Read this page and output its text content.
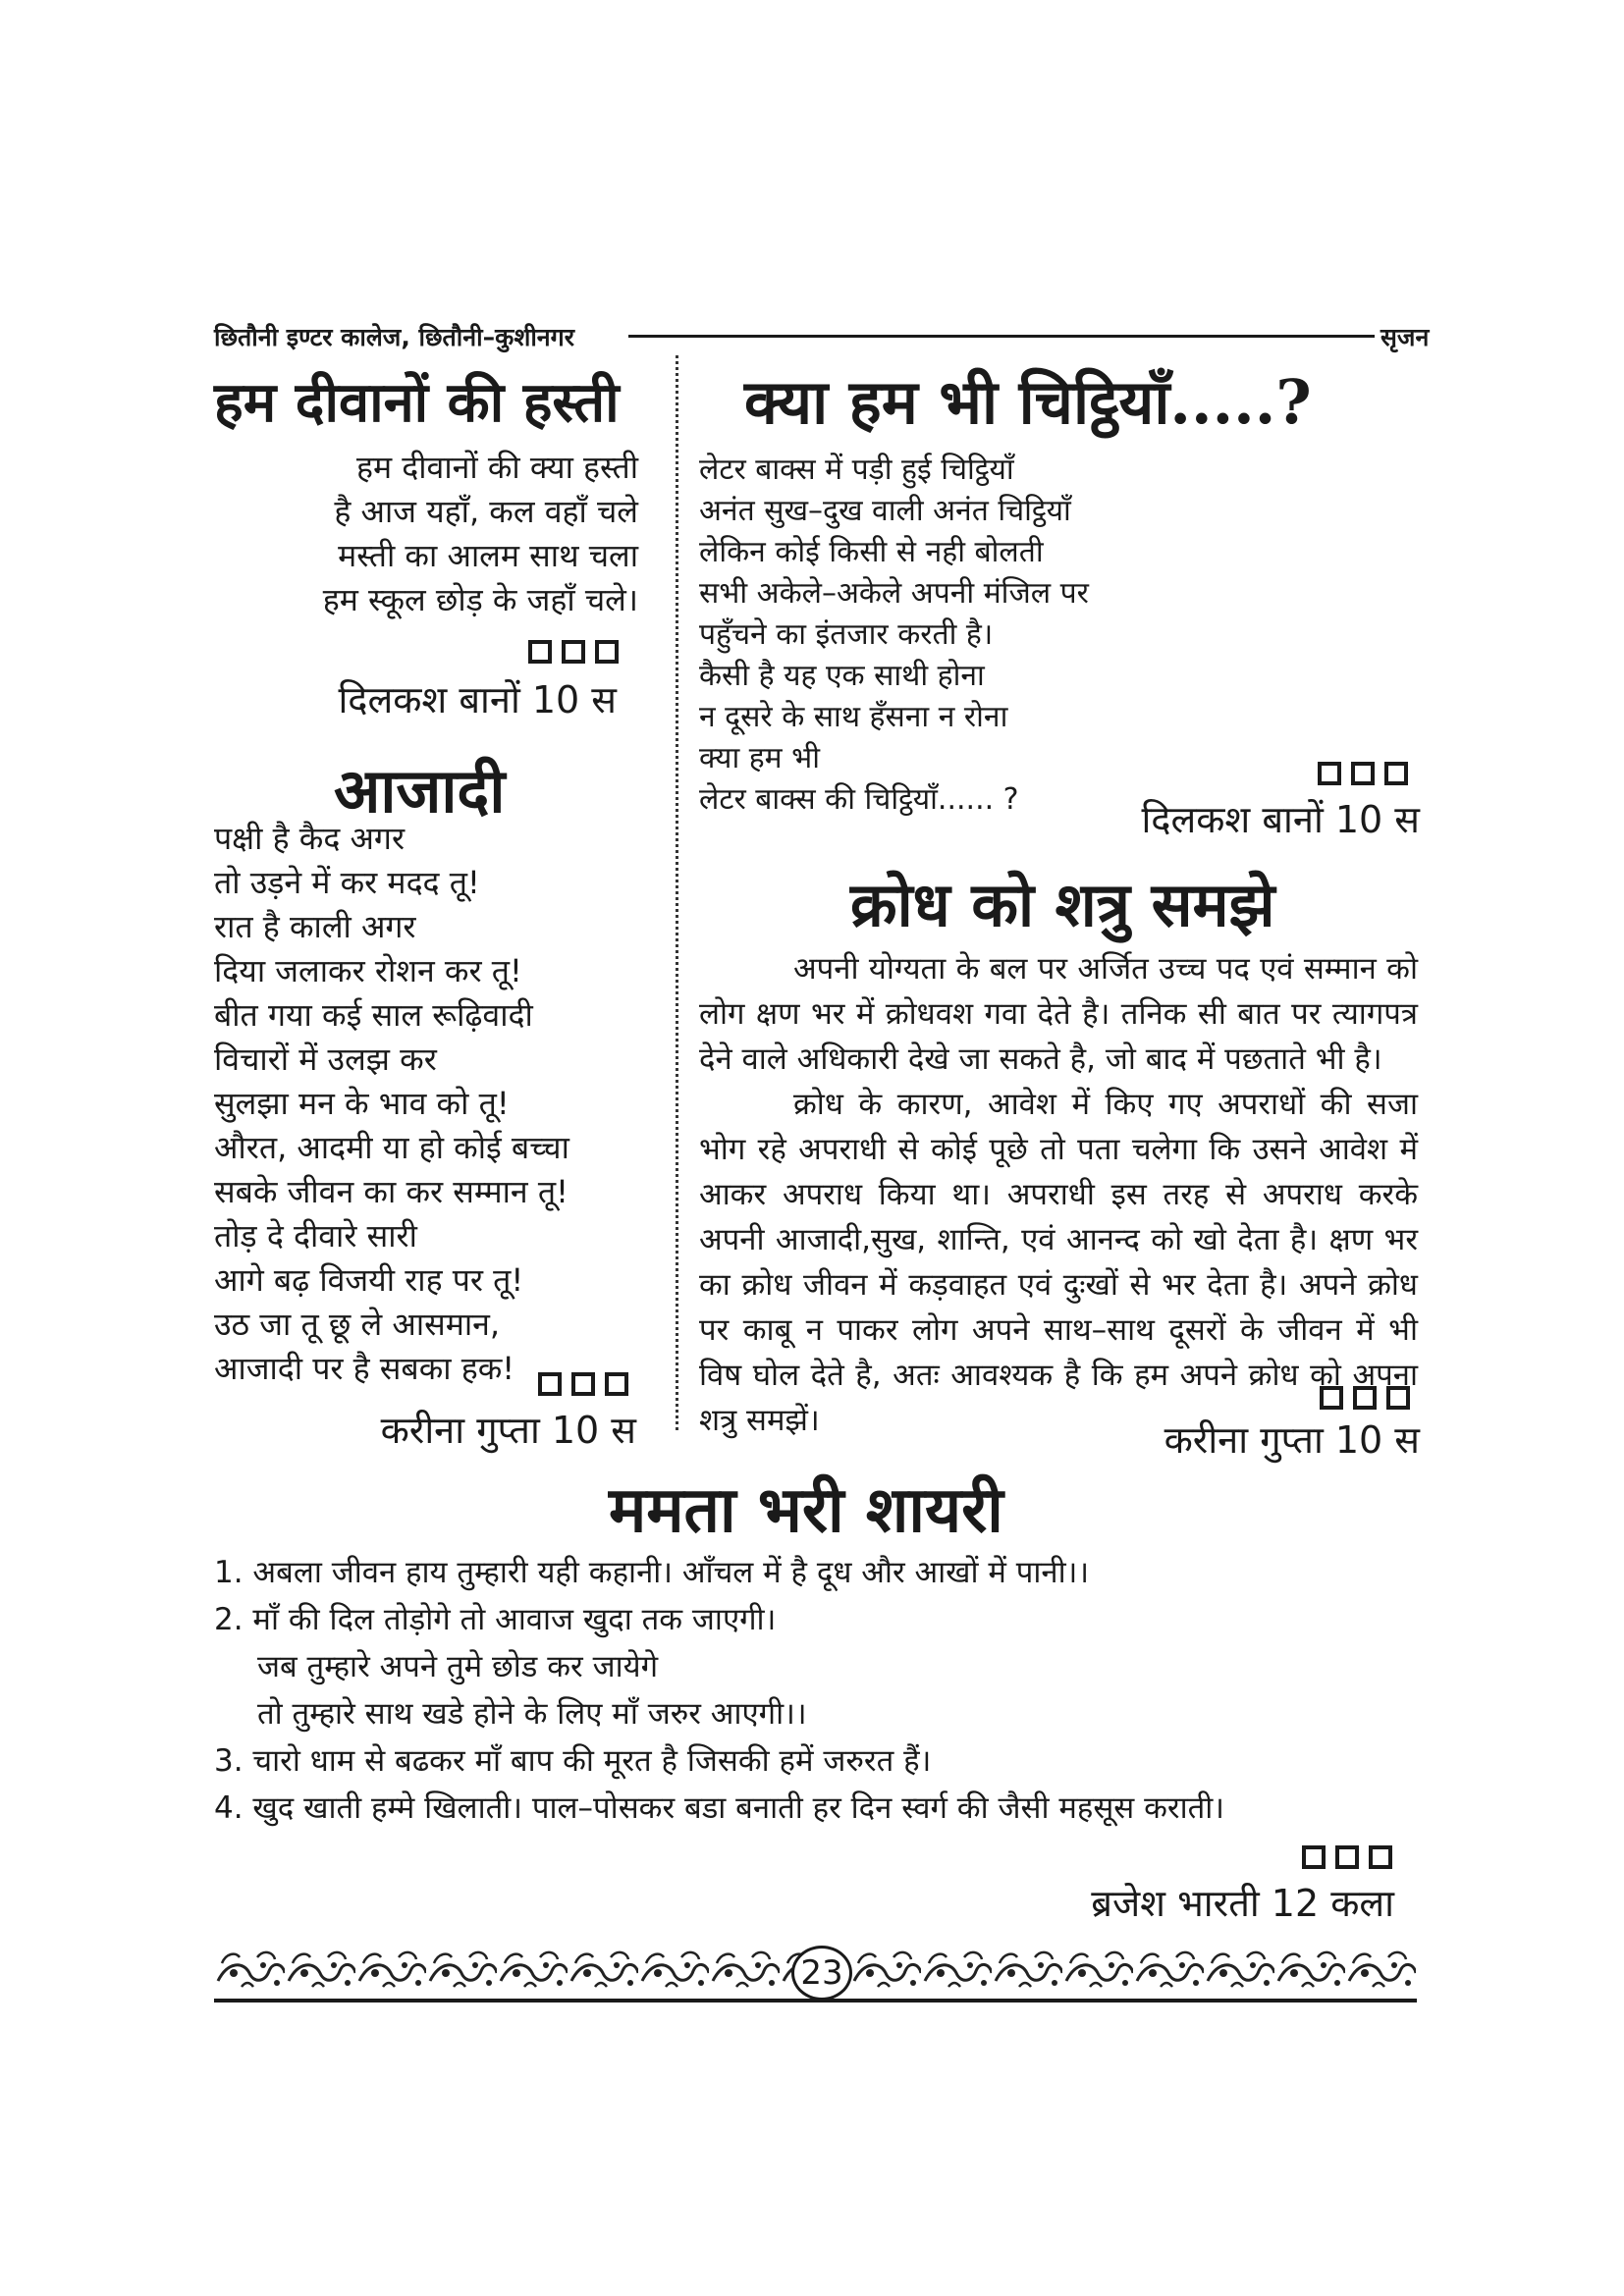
छितौनी इण्टर कालेज, छितौनी–कुशीनगर	सृजन
हम दीवानों की हस्ती
हम दीवानों की क्या हस्ती
है आज यहाँ, कल वहाँ चले
मस्ती का आलम साथ चला
हम स्कूल छोड़ के जहाँ चले।
दिलकश बानों 10 स
आजादी
पक्षी है कैद अगर
तो उड़ने में कर मदद तू!
रात है काली अगर
दिया जलाकर रोशन कर तू!
बीत गया कई साल रूढ़िवादी
विचारों में उलझ कर
सुलझा मन के भाव को तू!
औरत, आदमी या हो कोई बच्चा
सबके जीवन का कर सम्मान तू!
तोड़ दे दीवारे सारी
आगे बढ़ विजयी राह पर तू!
उठ जा तू छू ले आसमान,
आजादी पर है सबका हक!
करीना गुप्ता 10 स
क्या हम भी चिट्ठियाँ.....?
लेटर बाक्स में पड़ी हुई चिट्ठियाँ
अनंत सुख–दुख वाली अनंत चिट्ठियाँ
लेकिन कोई किसी से नही बोलती
सभी अकेले–अकेले अपनी मंजिल पर
पहुँचने का इंतजार करती है।
कैसी है यह एक साथी होना
न दूसरे के साथ हँसना न रोना
क्या हम भी
लेटर बाक्स की चिट्ठियाँ...... ?	दिलकश बानों 10 स
क्रोध को शत्रु समझे

अपनी योग्यता के बल पर अर्जित उच्च पद एवं सम्मान को लोग क्षण भर में क्रोधवश गवा देते है। तनिक सी बात पर त्यागपत्र देने वाले अधिकारी देखे जा सकते है, जो बाद में पछताते भी है।

क्रोध के कारण, आवेश में किए गए अपराधों की सजा भोग रहे अपराधी से कोई पूछे तो पता चलेगा कि उसने आवेश में आकर अपराध किया था। अपराधी इस तरह से अपराध करके अपनी आजादी,सुख, शान्ति, एवं आनन्द को खो देता है। क्षण भर का क्रोध जीवन में कड़वाहत एवं दुःखों से भर देता है। अपने क्रोध पर काबू न पाकर लोग अपने साथ–साथ दूसरों के जीवन में भी विष घोल देते है, अतः आवश्यक है कि हम अपने क्रोध को अपना शत्रु समझें।	करीना गुप्ता 10 स
ममता भरी शायरी
1. अबला जीवन हाय तुम्हारी यही कहानी। आँचल में है दूध और आखों में पानी।।
2. माँ की दिल तोड़ोगे तो आवाज खुदा तक जाएगी।
जब तुम्हारे अपने तुमे छोड कर जायेगे
तो तुम्हारे साथ खडे होने के लिए माँ जरुर आएगी।।
3. चारो धाम से बढकर माँ बाप की मूरत है जिसकी हमें जरुरत हैं।
4. खुद खाती हम्मे खिलाती। पाल–पोसकर बडा बनाती हर दिन स्वर्ग की जैसी महसूस कराती।
ब्रजेश भारती 12 कला
23
